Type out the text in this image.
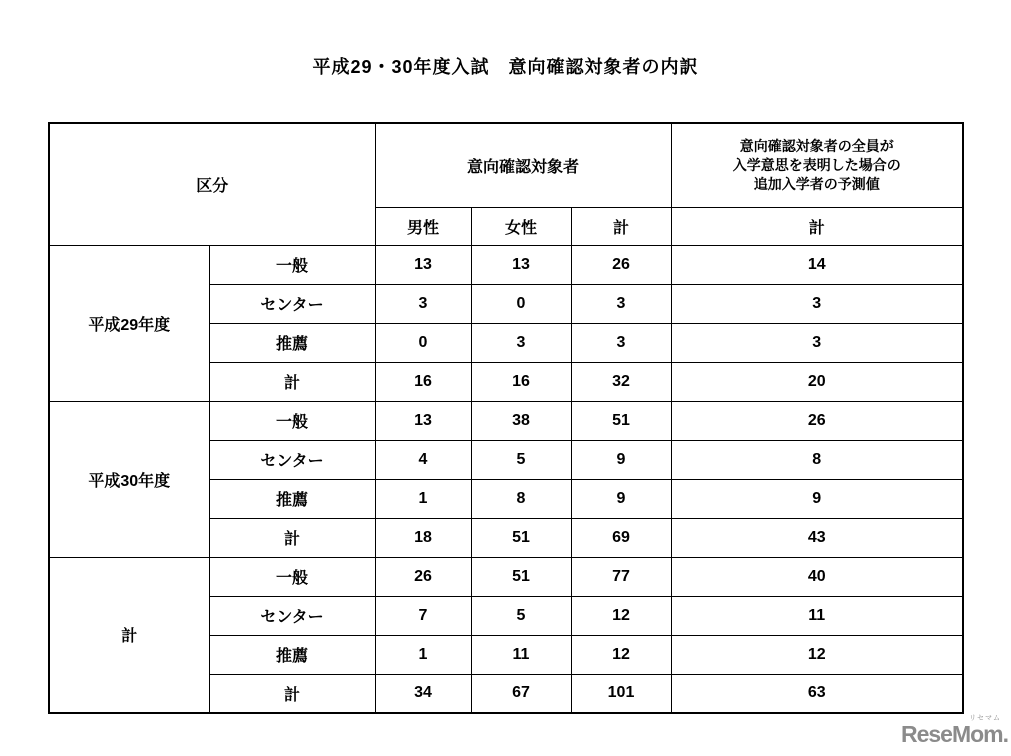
平成29・30年度入試　意向確認対象者の内訳
区分		意向確認対象者			意向確認対象者の全員が
入学意思を表明した場合の
追加入学者の予測値

		男性	女性	計	計
平成29年度	一般	13	13	26	14
	センター	3	0	3	3
	推薦	0	3	3	3
	計	16	16	32	20
平成30年度	一般	13	38	51	26
	センター	4	5	9	8
	推薦	1	8	9	9
	計	18	51	69	43
計	一般	26	51	77	40
	センター	7	5	12	11
	推薦	1	11	12	12
	計	34	67	101	63
リセマム
ReseMom.
